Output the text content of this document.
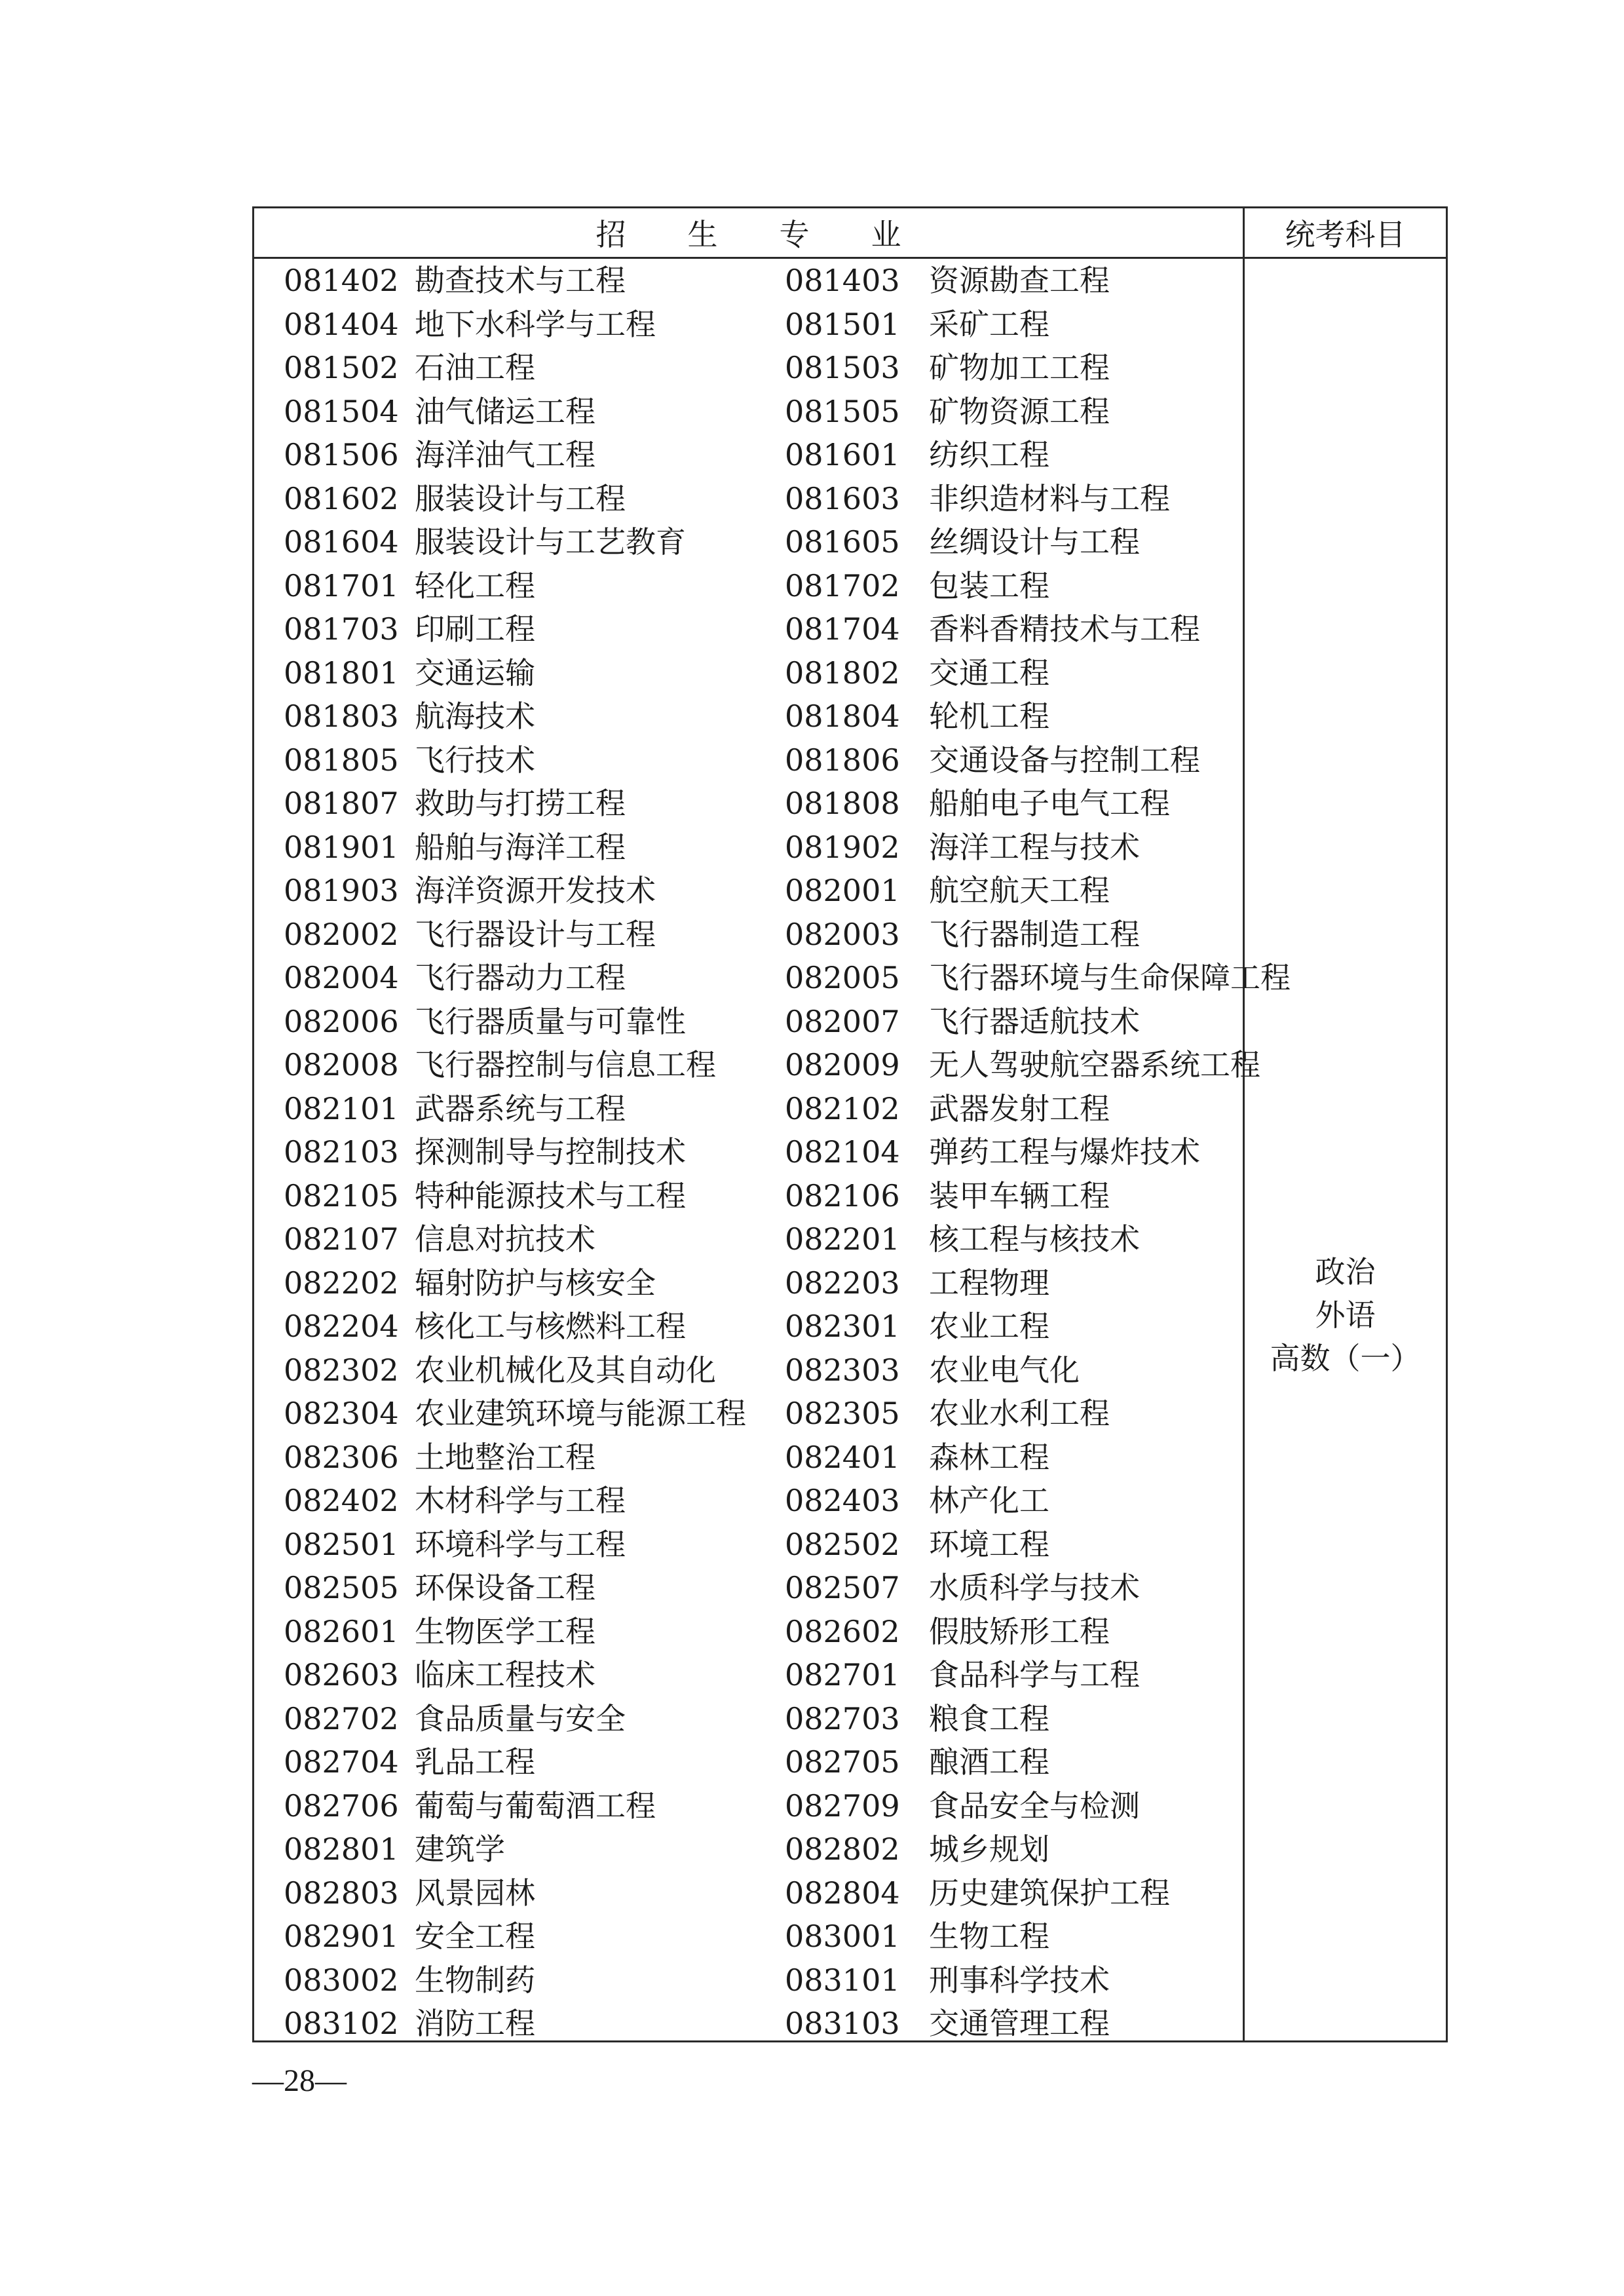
招 生 专 业	统考科目
081402 勘查技术与工程	081403 资源勘查工程
081404 地下水科学与工程	081501 采矿工程
081502 石油工程	081503 矿物加工工程
081504 油气储运工程	081505 矿物资源工程
081506 海洋油气工程	081601 纺织工程
081602 服装设计与工程	081603 非织造材料与工程
081604 服装设计与工艺教育	081605 丝绸设计与工程
081701 轻化工程	081702 包装工程
081703 印刷工程	081704 香料香精技术与工程
081801 交通运输	081802 交通工程
081803 航海技术	081804 轮机工程
081805 飞行技术	081806 交通设备与控制工程
081807 救助与打捞工程	081808 船舶电子电气工程
081901 船舶与海洋工程	081902 海洋工程与技术
081903 海洋资源开发技术	082001 航空航天工程
082002 飞行器设计与工程	082003 飞行器制造工程
082004 飞行器动力工程	082005 飞行器环境与生命保障工程
082006 飞行器质量与可靠性	082007 飞行器适航技术
082008 飞行器控制与信息工程	082009 无人驾驶航空器系统工程
082101 武器系统与工程	082102 武器发射工程
082103 探测制导与控制技术	082104 弹药工程与爆炸技术
082105 特种能源技术与工程	082106 装甲车辆工程
082107 信息对抗技术	082201 核工程与核技术
082202 辐射防护与核安全	082203 工程物理
082204 核化工与核燃料工程	082301 农业工程
082302 农业机械化及其自动化	082303 农业电气化
082304 农业建筑环境与能源工程	082305 农业水利工程
082306 土地整治工程	082401 森林工程
082402 木材科学与工程	082403 林产化工
082501 环境科学与工程	082502 环境工程
082505 环保设备工程	082507 水质科学与技术
082601 生物医学工程	082602 假肢矫形工程
082603 临床工程技术	082701 食品科学与工程
082702 食品质量与安全	082703 粮食工程
082704 乳品工程	082705 酿酒工程
082706 葡萄与葡萄酒工程	082709 食品安全与检测
082801 建筑学	082802 城乡规划
082803 风景园林	082804 历史建筑保护工程
082901 安全工程	083001 生物工程
083002 生物制药	083101 刑事科学技术
083102 消防工程	083103 交通管理工程
政治
外语
高数（一）
—28—
